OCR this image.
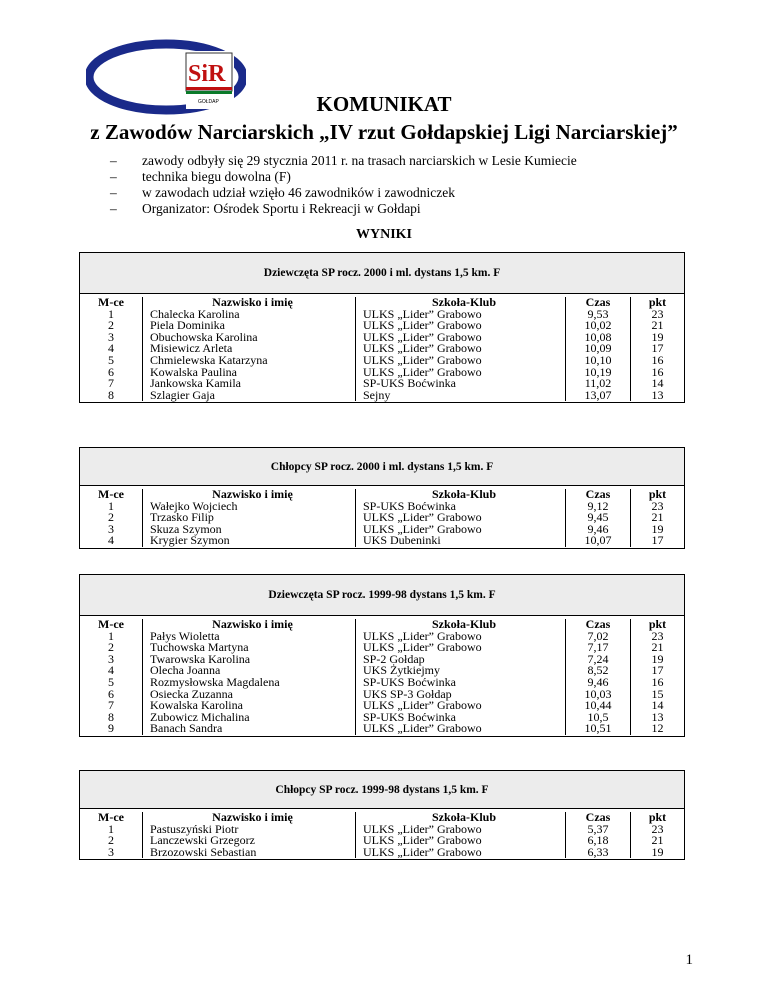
SiR
GOŁDAP	KOMUNIKAT
z Zawodów Narciarskich „IV rzut Gołdapskiej Ligi Narciarskiej”
– zawody odbyły się 29 stycznia 2011 r. na trasach narciarskich w Lesie Kumiecie
– technika biegu dowolna (F)
– w zawodach udział wzięło 46 zawodników i zawodniczek
– Organizator: Ośrodek Sportu i Rekreacji w Gołdapi
WYNIKI
Dziewczęta SP rocz. 2000 i ml. dystans 1,5 km. F
M-ce
1
2
3
4
5
6
7
8
Nazwisko i imię
Chalecka Karolina
Piela Dominika
Obuchowska Karolina
Misiewicz Arleta
Chmielewska Katarzyna
Kowalska Paulina
Jankowska Kamila
Szlagier Gaja
Szkoła-Klub
ULKS „Lider” Grabowo
ULKS „Lider” Grabowo
ULKS „Lider” Grabowo
ULKS „Lider” Grabowo
ULKS „Lider” Grabowo
ULKS „Lider” Grabowo
SP-UKS Boćwinka
Sejny
Czas
9,53
10,02
10,08
10,09
10,10
10,19
11,02
13,07
pkt
23
21
19
17
16
16
14
13
Chłopcy SP rocz. 2000 i ml. dystans 1,5 km. F
M-ce
1
2
3
4
Nazwisko i imię
Wałejko Wojciech
Trzasko Filip
Skuza Szymon
Krygier Szymon
Szkoła-Klub
SP-UKS Boćwinka
ULKS „Lider” Grabowo
ULKS „Lider” Grabowo
UKS Dubeninki
Czas
9,12
9,45
9,46
10,07
pkt
23
21
19
17
Dziewczęta SP rocz. 1999-98 dystans 1,5 km. F
M-ce
1
2
3
4
5
6
7
8
9
Nazwisko i imię
Pałys Wioletta
Tuchowska Martyna
Twarowska Karolina
Olecha Joanna
Rozmysłowska Magdalena
Osiecka Zuzanna
Kowalska Karolina
Zubowicz Michalina
Banach Sandra
Szkoła-Klub
ULKS „Lider” Grabowo
ULKS „Lider” Grabowo
SP-2 Gołdap
UKS Żytkiejmy
SP-UKS Boćwinka
UKS SP-3 Gołdap
ULKS „Lider” Grabowo
SP-UKS Boćwinka
ULKS „Lider” Grabowo
Czas
7,02
7,17
7,24
8,52
9,46
10,03
10,44
10,5
10,51
pkt
23
21
19
17
16
15
14
13
12
Chłopcy SP rocz. 1999-98 dystans 1,5 km. F
M-ce
1
2
3
Nazwisko i imię
Pastuszyński Piotr
Lanczewski Grzegorz
Brzozowski Sebastian
Szkoła-Klub
ULKS „Lider” Grabowo
ULKS „Lider” Grabowo
ULKS „Lider” Grabowo
Czas
5,37
6,18
6,33
pkt
23
21
19
1
